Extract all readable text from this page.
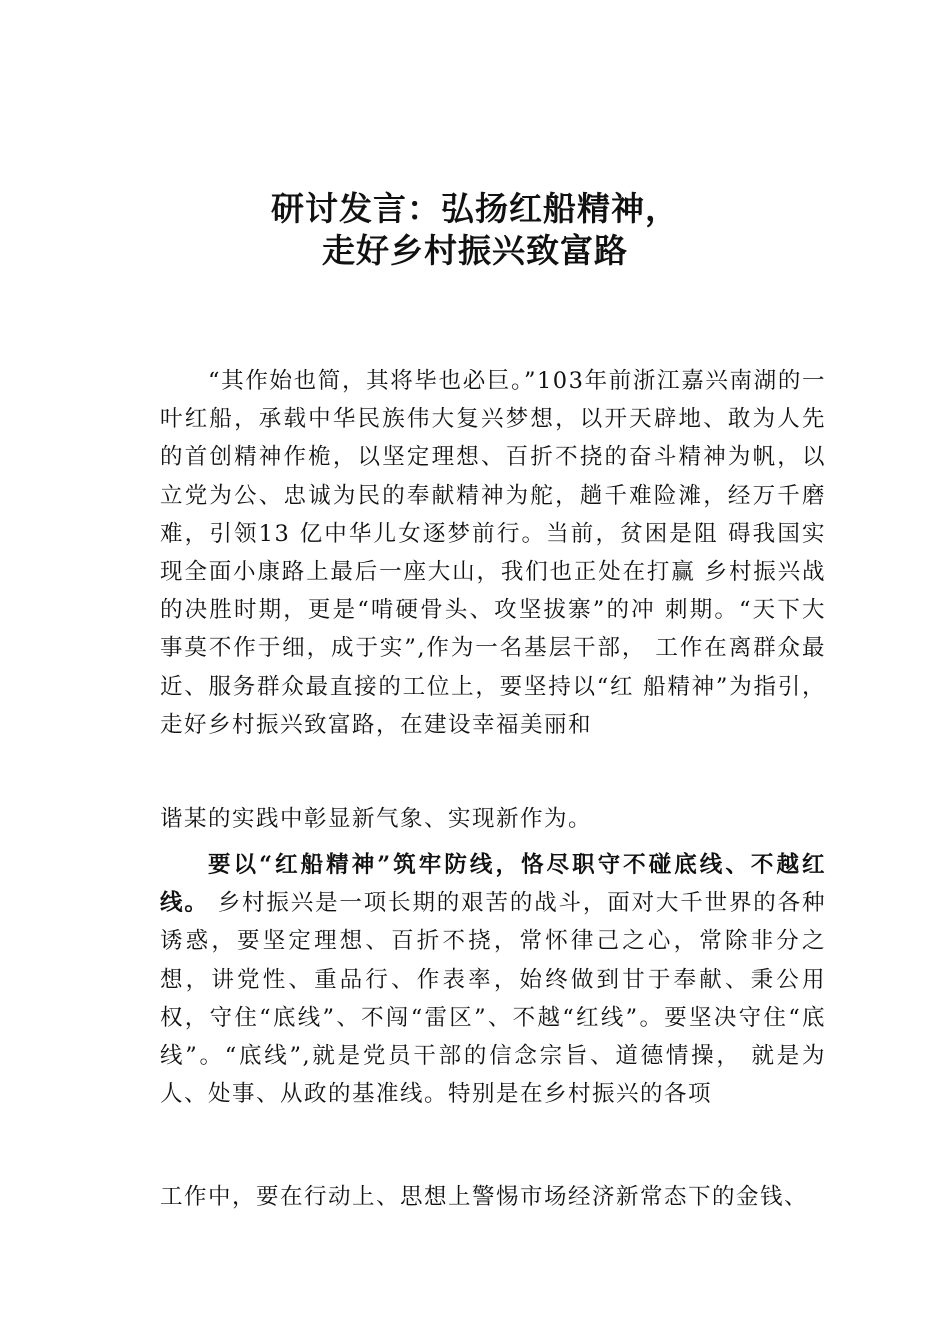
研讨发言：弘扬红船精神，
走好乡村振兴致富路

“其作始也简，其将毕也必巨。”103年前浙江嘉兴南湖的一叶红船，承载中华民族伟大复兴梦想，以开天辟地、敢为人先的首创精神作桅，以坚定理想、百折不挠的奋斗精神为帆，以立党为公、忠诚为民的奉献精神为舵，趟千难险滩，经万千磨难，引领13 亿中华儿女逐梦前行。当前，贫困是阻 碍我国实现全面小康路上最后一座大山，我们也正处在打赢 乡村振兴战的决胜时期，更是“啃硬骨头、攻坚拔寨”的冲 刺期。“天下大事莫不作于细，成于实”,作为一名基层干部， 工作在离群众最近、服务群众最直接的工位上，要坚持以“红 船精神”为指引，走好乡村振兴致富路，在建设幸福美丽和

谐某的实践中彰显新气象、实现新作为。

要以“红船精神”筑牢防线，恪尽职守不碰底线、不越红线。 乡村振兴是一项长期的艰苦的战斗，面对大千世界的各种诱惑，要坚定理想、百折不挠，常怀律己之心，常除非分之想，讲党性、重品行、作表率，始终做到甘于奉献、秉公用权，守住“底线”、不闯“雷区”、不越“红线”。要坚决守住“底线”。“底线”,就是党员干部的信念宗旨、道德情操， 就是为人、处事、从政的基准线。特别是在乡村振兴的各项

工作中，要在行动上、思想上警惕市场经济新常态下的金钱、
